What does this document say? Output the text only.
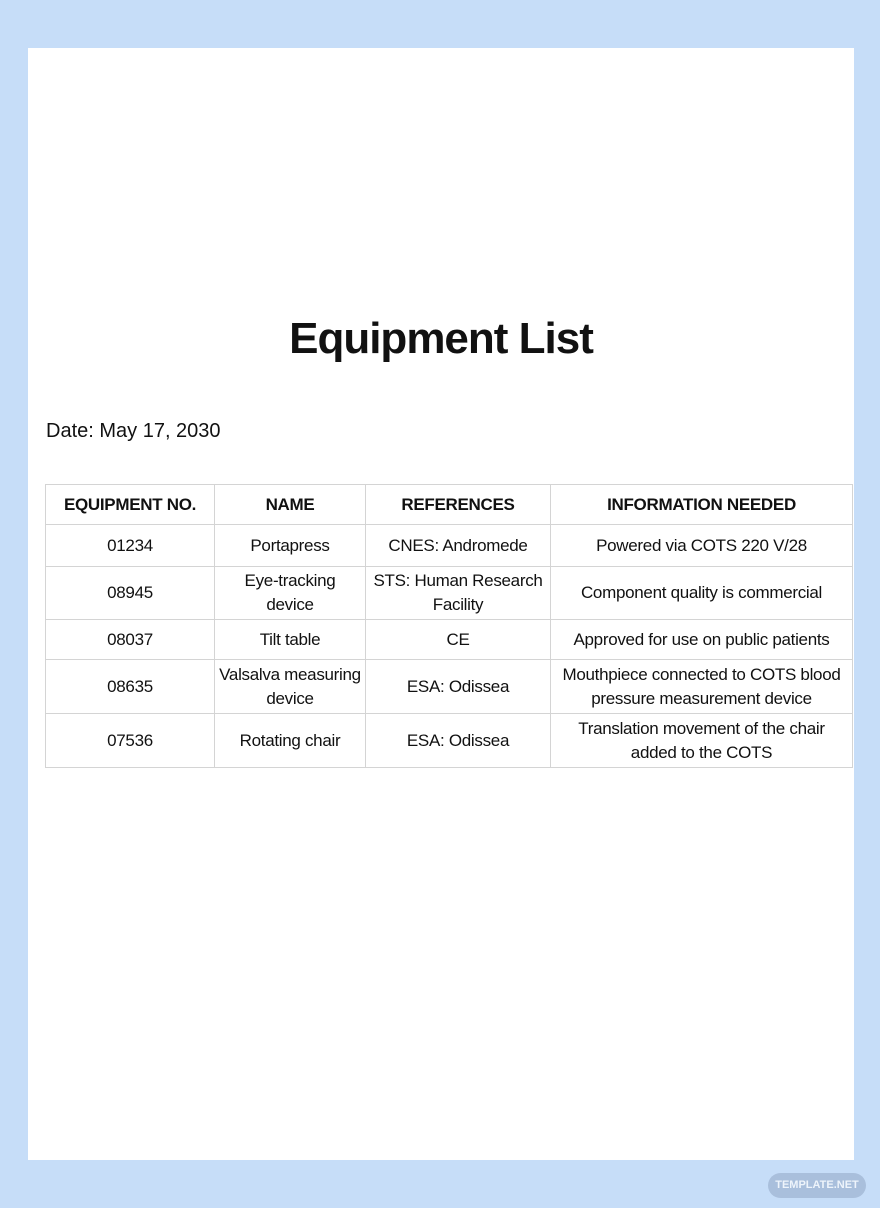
Equipment List
Date: May 17, 2030
EQUIPMENT NO.	NAME	REFERENCES	INFORMATION NEEDED
01234	Portapress	CNES: Andromede	Powered via COTS 220 V/28
08945	Eye-tracking device	STS: Human Research Facility	Component quality is commercial
08037	Tilt table	CE	Approved for use on public patients
08635	Valsalva measuring device	ESA: Odissea	Mouthpiece connected to COTS blood pressure measurement device
07536	Rotating chair	ESA: Odissea	Translation movement of the chair added to the COTS
TEMPLATE.NET
